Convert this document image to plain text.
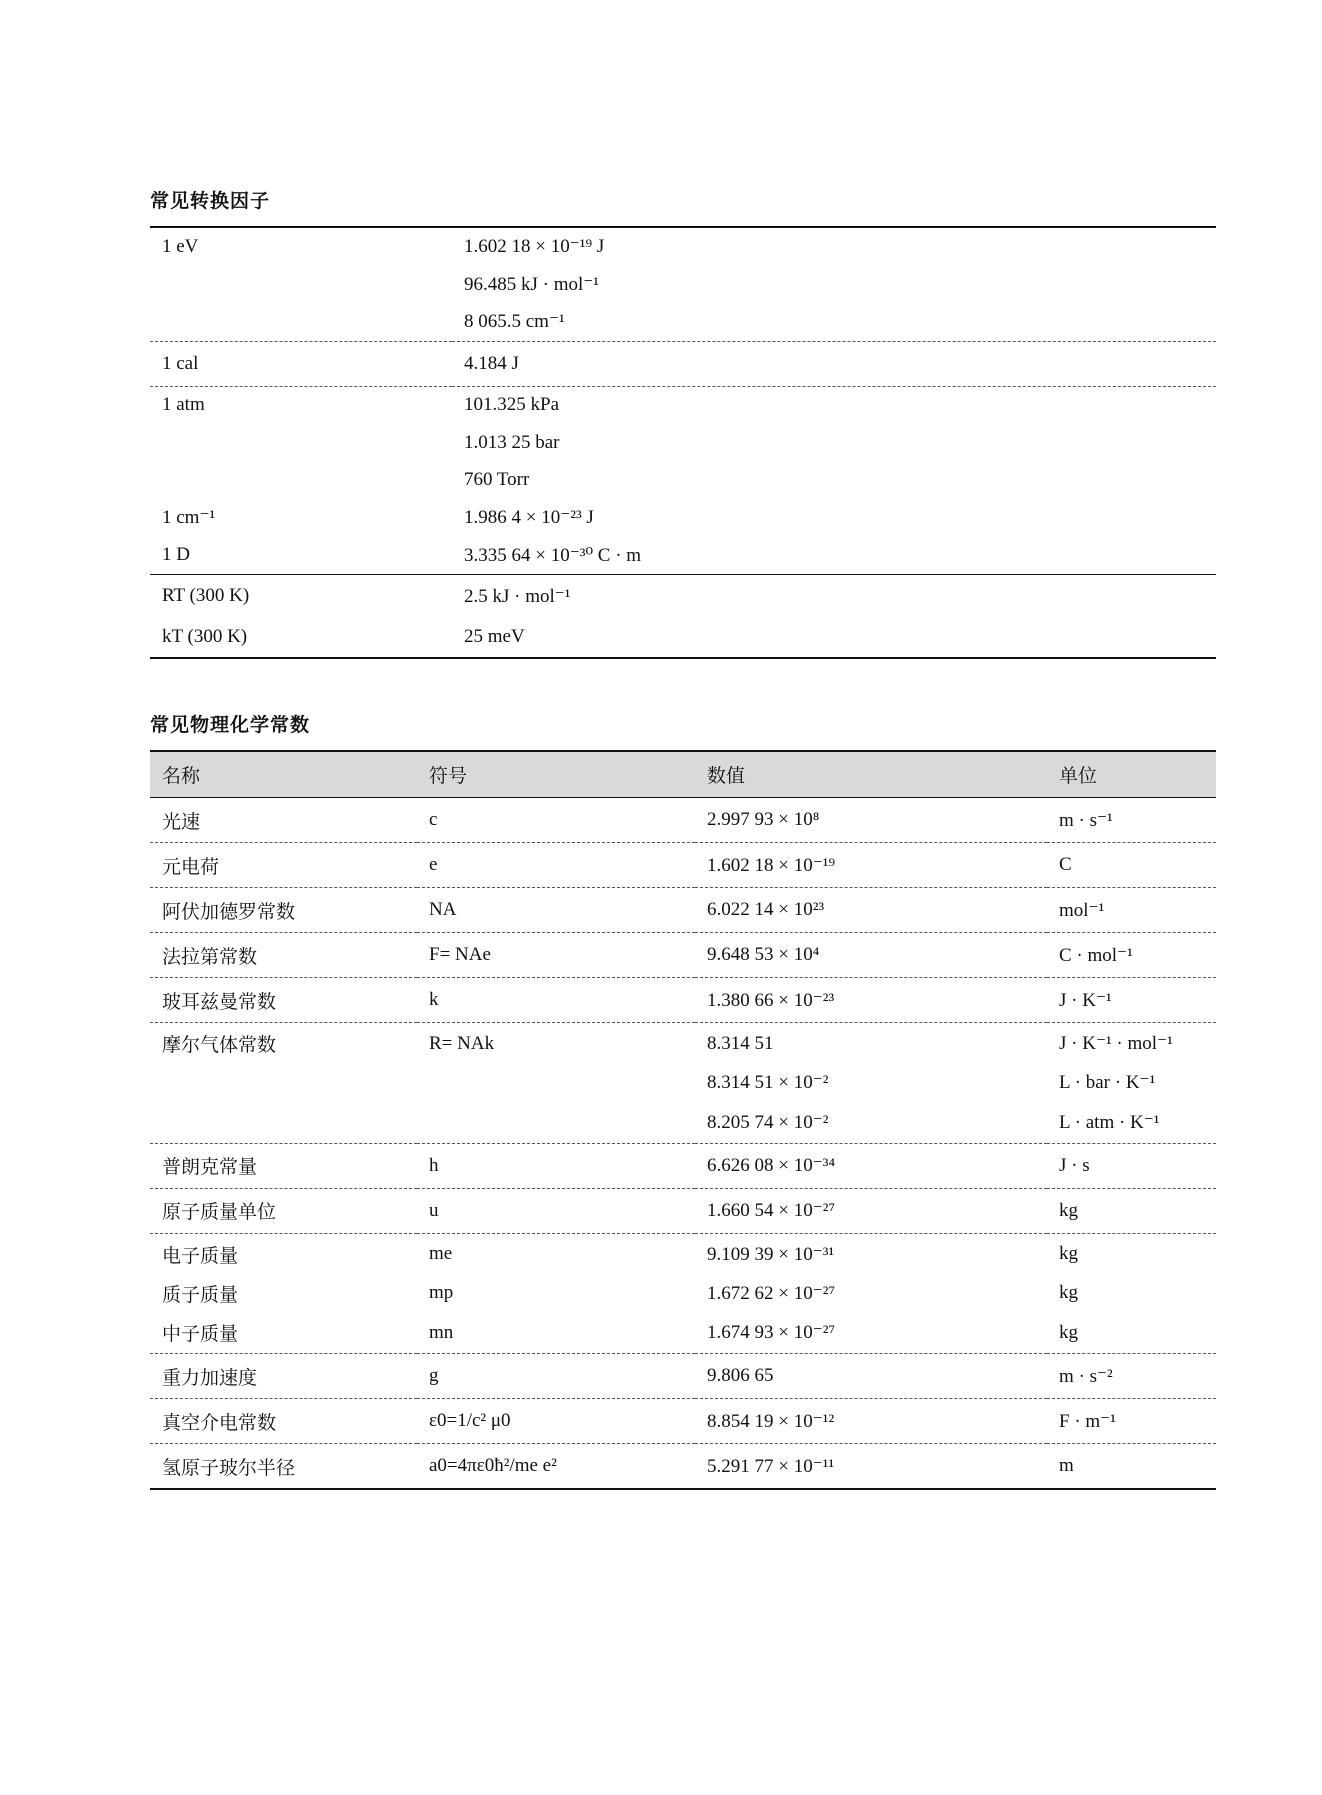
常见转换因子
1 eV	1.602 18 × 10⁻¹⁹ J
	96.485 kJ · mol⁻¹
	8 065.5 cm⁻¹
1 cal	4.184 J
1 atm	101.325 kPa
	1.013 25 bar
	760 Torr
1 cm⁻¹	1.986 4 × 10⁻²³ J
1 D	3.335 64 × 10⁻³⁰ C · m
RT (300 K)	2.5 kJ · mol⁻¹
kT (300 K)	25 meV
常见物理化学常数
名称	符号	数值	单位
光速	c	2.997 93 × 10⁸	m · s⁻¹
元电荷	e	1.602 18 × 10⁻¹⁹	C
阿伏加德罗常数	NA	6.022 14 × 10²³	mol⁻¹
法拉第常数	F= NAe	9.648 53 × 10⁴	C · mol⁻¹
玻耳兹曼常数	k	1.380 66 × 10⁻²³	J · K⁻¹
摩尔气体常数	R= NAk	8.314 51	J · K⁻¹ · mol⁻¹
		8.314 51 × 10⁻²	L · bar · K⁻¹
		8.205 74 × 10⁻²	L · atm · K⁻¹
普朗克常量	h	6.626 08 × 10⁻³⁴	J · s
原子质量单位	u	1.660 54 × 10⁻²⁷	kg
电子质量	me	9.109 39 × 10⁻³¹	kg
质子质量	mp	1.672 62 × 10⁻²⁷	kg
中子质量	mn	1.674 93 × 10⁻²⁷	kg
重力加速度	g	9.806 65	m · s⁻²
真空介电常数	ε0=1/c² μ0	8.854 19 × 10⁻¹²	F · m⁻¹
氢原子玻尔半径	a0=4πε0ħ²/me e²	5.291 77 × 10⁻¹¹	m
